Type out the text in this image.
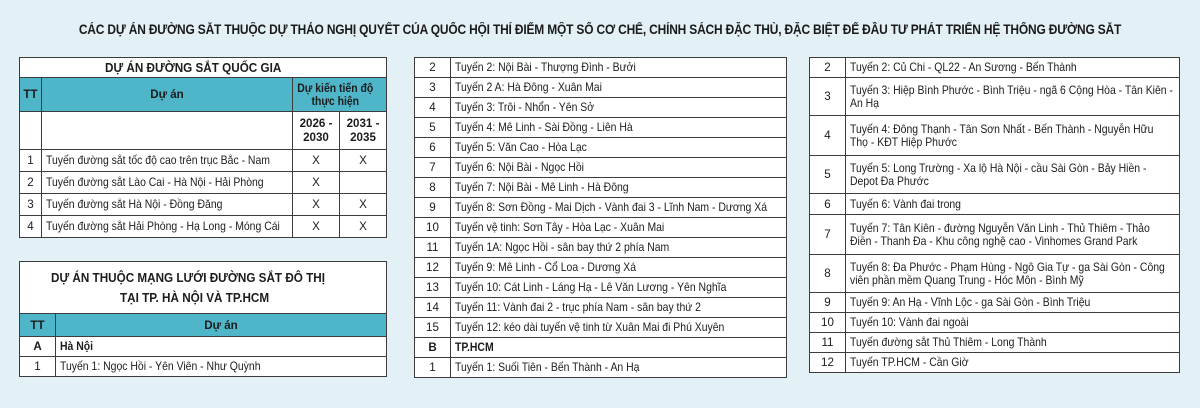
CÁC DỰ ÁN ĐƯỜNG SẮT THUỘC DỰ THẢO NGHỊ QUYẾT CỦA QUỐC HỘI THÍ ĐIỂM MỘT SỐ CƠ CHẾ, CHÍNH SÁCH ĐẶC THÙ, ĐẶC BIỆT ĐỂ ĐẦU TƯ PHÁT TRIỂN HỆ THỐNG ĐƯỜNG SẮT
DỰ ÁN ĐƯỜNG SẮT QUỐC GIA			
TT	Dự án	Dự kiến tiến độ thực hiện	
		2026 - 2030	2031 - 2035
1	Tuyến đường sắt tốc độ cao trên trục Bắc - Nam	X	X
2	Tuyến đường sắt Lào Cai - Hà Nội - Hải Phòng	X	
3	Tuyến đường sắt Hà Nội - Đồng Đăng	X	X
4	Tuyến đường sắt Hải Phòng - Hạ Long - Móng Cái	X	X
DỰ ÁN THUỘC MẠNG LƯỚI ĐƯỜNG SẮT ĐÔ THỊ
TẠI TP. HÀ NỘI VÀ TP.HCM	
TT	Dự án
A	Hà Nội
1	Tuyến 1: Ngọc Hồi - Yên Viên - Như Quỳnh
2	Tuyến 2: Nội Bài - Thượng Đình - Bưởi
3	Tuyến 2 A: Hà Đông - Xuân Mai
4	Tuyến 3: Trôi - Nhổn - Yên Sở
5	Tuyến 4: Mê Linh - Sài Đồng - Liên Hà
6	Tuyến 5: Văn Cao - Hòa Lạc
7	Tuyến 6: Nội Bài - Ngọc Hồi
8	Tuyến 7: Nội Bài - Mê Linh - Hà Đông
9	Tuyến 8: Sơn Đồng - Mai Dịch - Vành đai 3 - Lĩnh Nam - Dương Xá
10	Tuyến vệ tinh: Sơn Tây - Hòa Lạc - Xuân Mai
11	Tuyến 1A: Ngọc Hồi - sân bay thứ 2 phía Nam
12	Tuyến 9: Mê Linh - Cổ Loa - Dương Xá
13	Tuyến 10: Cát Linh - Láng Hạ - Lê Văn Lương - Yên Nghĩa
14	Tuyến 11: Vành đai 2 - trục phía Nam - sân bay thứ 2
15	Tuyến 12: kéo dài tuyến vệ tinh từ Xuân Mai đi Phú Xuyên
B	TP.HCM
1	Tuyến 1: Suối Tiên - Bến Thành - An Hạ
2	Tuyến 2: Củ Chi - QL22 - An Sương - Bến Thành
3	Tuyến 3: Hiệp Bình Phước - Bình Triệu - ngã 6 Cộng Hòa - Tân Kiên - An Hạ
4	Tuyến 4: Đông Thạnh - Tân Sơn Nhất - Bến Thành - Nguyễn Hữu Thọ - KĐT Hiệp Phước
5	Tuyến 5: Long Trường - Xa lộ Hà Nội - cầu Sài Gòn - Bảy Hiền - Depot Đa Phước
6	Tuyến 6: Vành đai trong
7	Tuyến 7: Tân Kiên - đường Nguyễn Văn Linh - Thủ Thiêm - Thảo Điền - Thanh Đa - Khu công nghệ cao - Vinhomes Grand Park
8	Tuyến 8: Đa Phước - Phạm Hùng - Ngô Gia Tự - ga Sài Gòn - Công viên phần mềm Quang Trung - Hóc Môn - Bình Mỹ
9	Tuyến 9: An Hạ - Vĩnh Lộc - ga Sài Gòn - Bình Triệu
10	Tuyến 10: Vành đai ngoài
11	Tuyến đường sắt Thủ Thiêm - Long Thành
12	Tuyến TP.HCM - Cần Giờ
